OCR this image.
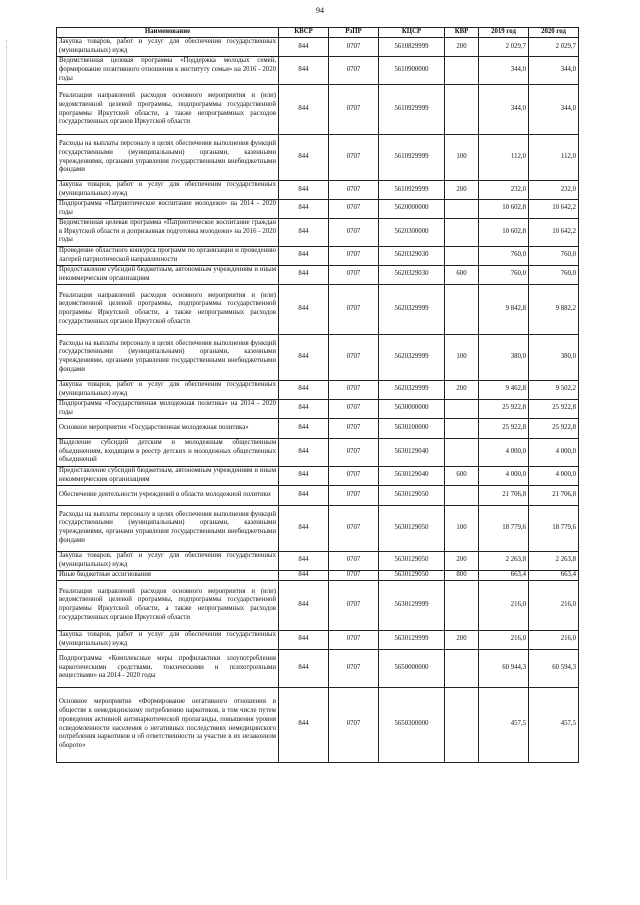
94
Наименование	КВСР	РзПР	КЦСР	КВР	2019 год	2020 год
Закупка товаров, работ и услуг для обеспечения государственных (муниципальных) нужд	844	0707	5610829999	200	2 029,7	2 029,7
Ведомственная целевая программа «Поддержка молодых семей, формирование позитивного отношения к институту семьи» на 2016 - 2020 годы	844	0707	5610900000		344,0	344,0
Реализация направлений расходов основного мероприятия и (или) ведомственной целевой программы, подпрограммы государственной программы Иркутской области, а также непрограммных расходов государственных органов Иркутской области	844	0707	5610929999		344,0	344,0
Расходы на выплаты персоналу в целях обеспечения выполнения функций государственными (муниципальными) органами, казенными учреждениями, органами управления государственными внебюджетными фондами	844	0707	5610929999	100	112,0	112,0
Закупка товаров, работ и услуг для обеспечения государственных (муниципальных) нужд	844	0707	5610929999	200	232,0	232,0
Подпрограмма «Патриотическое воспитание молодежи» на 2014 - 2020 годы	844	0707	5620000000		10 602,8	10 642,2
Ведомственная целевая программа «Патриотическое воспитание граждан в Иркутской области и допризывная подготовка молодежи» на 2016 - 2020 годы	844	0707	5620300000		10 602,8	10 642,2
Проведение областного конкурса программ по организации и проведению лагерей патриотической направленности	844	0707	5620329030		760,0	760,0
Предоставление субсидий бюджетным, автономным учреждениям и иным некоммерческим организациям	844	0707	5620329030	600	760,0	760,0
Реализация направлений расходов основного мероприятия и (или) ведомственной целевой программы, подпрограммы государственной программы Иркутской области, а также непрограммных расходов государственных органов Иркутской области	844	0707	5620329999		9 842,8	9 882,2
Расходы на выплаты персоналу в целях обеспечения выполнения функций государственными (муниципальными) органами, казенными учреждениями, органами управления государственными внебюджетными фондами	844	0707	5620329999	100	380,0	380,0
Закупка товаров, работ и услуг для обеспечения государственных (муниципальных) нужд	844	0707	5620329999	200	9 462,8	9 502,2
Подпрограмма «Государственная молодежная политика» на 2014 - 2020 годы	844	0707	5630000000		25 922,8	25 922,8
Основное мероприятие «Государственная молодежная политика»	844	0707	5630100000		25 922,8	25 922,8
Выделение субсидий детским и молодежным общественным объединениям, входящим в реестр детских и молодежных общественных объединений	844	0707	5630129040		4 000,0	4 000,0
Предоставление субсидий бюджетным, автономным учреждениям и иным некоммерческим организациям	844	0707	5630129040	600	4 000,0	4 000,0
Обеспечение деятельности учреждений в области молодежной политики	844	0707	5630129050		21 706,8	21 706,8
Расходы на выплаты персоналу в целях обеспечения выполнения функций государственными (муниципальными) органами, казенными учреждениями, органами управления государственными внебюджетными фондами	844	0707	5630129050	100	18 779,6	18 779,6
Закупка товаров, работ и услуг для обеспечения государственных (муниципальных) нужд	844	0707	5630129050	200	2 263,8	2 263,8
Иные бюджетные ассигнования	844	0707	5630129050	800	663,4	663,4
Реализация направлений расходов основного мероприятия и (или) ведомственной целевой программы, подпрограммы государственной программы Иркутской области, а также непрограммных расходов государственных органов Иркутской области	844	0707	5630129999		216,0	216,0
Закупка товаров, работ и услуг для обеспечения государственных (муниципальных) нужд	844	0707	5630129999	200	216,0	216,0
Подпрограмма «Комплексные меры профилактики злоупотребления наркотическими средствами, токсическими и психотропными веществами» на 2014 - 2020 годы	844	0707	5650000000		60 944,3	60 594,3
Основное мероприятие «Формирование негативного отношения в обществе к немедицинскому потреблению наркотиков, в том числе путем проведения активной антинаркотической пропаганды, повышения уровня осведомленности населения о негативных последствиях немедицинского потребления наркотиков и об ответственности за участие в их незаконном обороте»	844	0707	5650300000		457,5	457,5
